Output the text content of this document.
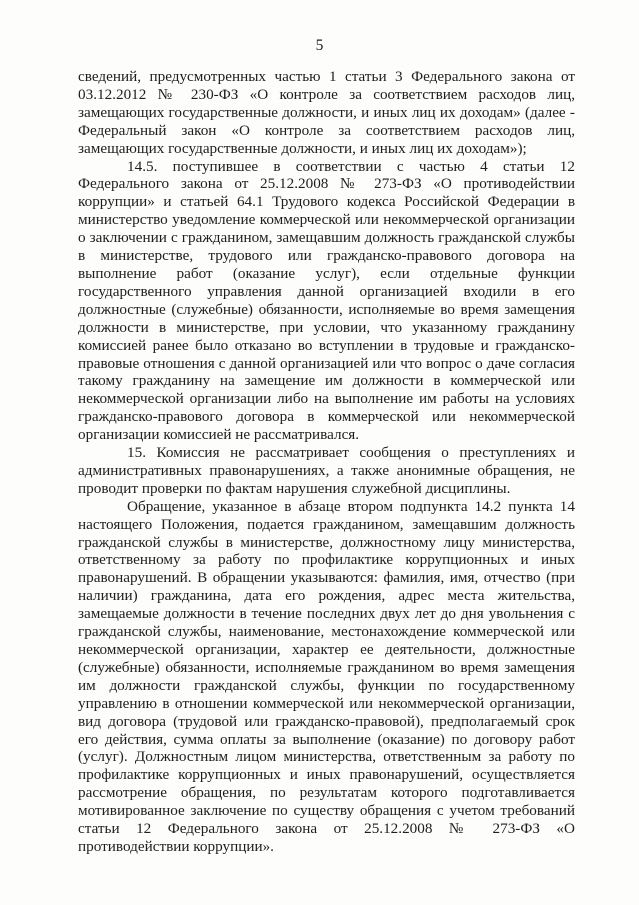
5

сведений, предусмотренных частью 1 статьи 3 Федерального закона от 03.12.2012 № 230-ФЗ «О контроле за соответствием расходов лиц, замещающих государственные должности, и иных лиц их доходам» (далее - Федеральный закон «О контроле за соответствием расходов лиц, замещающих государственные должности, и иных лиц их доходам»);

14.5. поступившее в соответствии с частью 4 статьи 12 Федерального закона от 25.12.2008 № 273-ФЗ «О противодействии коррупции» и статьей 64.1 Трудового кодекса Российской Федерации в министерство уведомление коммерческой или некоммерческой организации о заключении с гражданином, замещавшим должность гражданской службы в министерстве, трудового или гражданско-правового договора на выполнение работ (оказание услуг), если отдельные функции государственного управления данной организацией входили в его должностные (служебные) обязанности, исполняемые во время замещения должности в министерстве, при условии, что указанному гражданину комиссией ранее было отказано во вступлении в трудовые и гражданско-правовые отношения с данной организацией или что вопрос о даче согласия такому гражданину на замещение им должности в коммерческой или некоммерческой организации либо на выполнение им работы на условиях гражданско-правового договора в коммерческой или некоммерческой организации комиссией не рассматривался.

15. Комиссия не рассматривает сообщения о преступлениях и административных правонарушениях, а также анонимные обращения, не проводит проверки по фактам нарушения служебной дисциплины.

Обращение, указанное в абзаце втором подпункта 14.2 пункта 14 настоящего Положения, подается гражданином, замещавшим должность гражданской службы в министерстве, должностному лицу министерства, ответственному за работу по профилактике коррупционных и иных правонарушений. В обращении указываются: фамилия, имя, отчество (при наличии) гражданина, дата его рождения, адрес места жительства, замещаемые должности в течение последних двух лет до дня увольнения с гражданской службы, наименование, местонахождение коммерческой или некоммерческой организации, характер ее деятельности, должностные (служебные) обязанности, исполняемые гражданином во время замещения им должности гражданской службы, функции по государственному управлению в отношении коммерческой или некоммерческой организации, вид договора (трудовой или гражданско-правовой), предполагаемый срок его действия, сумма оплаты за выполнение (оказание) по договору работ (услуг). Должностным лицом министерства, ответственным за работу по профилактике коррупционных и иных правонарушений, осуществляется рассмотрение обращения, по результатам которого подготавливается мотивированное заключение по существу обращения с учетом требований статьи 12 Федерального закона от 25.12.2008 № 273-ФЗ «О противодействии коррупции».
